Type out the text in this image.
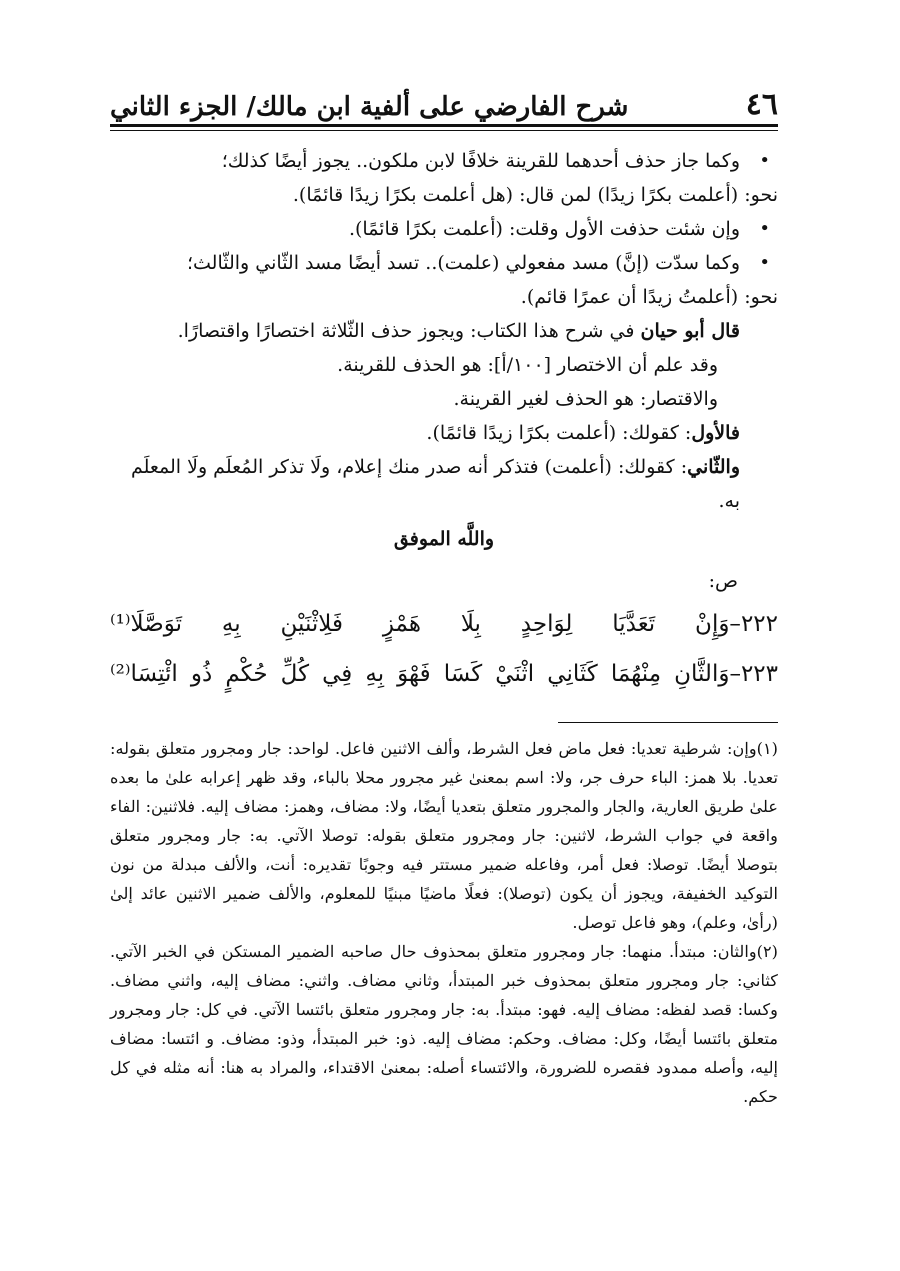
٤٦
شرح الفارضي على ألفية ابن مالك/ الجزء الثاني
• وكما جاز حذف أحدهما للقرينة خلافًا لابن ملكون.. يجوز أيضًا كذلك؛
نحو: (أعلمت بكرًا زيدًا) لمن قال: (هل أعلمت بكرًا زيدًا قائمًا).
• وإن شئت حذفت الأول وقلت: (أعلمت بكرًا قائمًا).
• وكما سدّت (إنَّ) مسد مفعولي (علمت).. تسد أيضًا مسد الثّاني والثّالث؛
نحو: (أعلمتُ زيدًا أن عمرًا قائم).
قال أبو حيان في شرح هذا الكتاب: ويجوز حذف الثّلاثة اختصارًا واقتصارًا.
وقد علم أن الاختصار [١٠٠/أ]: هو الحذف للقرينة.
والاقتصار: هو الحذف لغير القرينة.
فالأول: كقولك: (أعلمت بكرًا زيدًا قائمًا).
والثّاني: كقولك: (أعلمت) فتذكر أنه صدر منك إعلام، ولَا تذكر المُعلَم ولَا المعلَم به.
واللَّه الموفق
ص:
٢٢٢–وَإِنْ
تَعَدَّيَا
لِوَاحِدٍ
بِلَا
هَمْزٍ
فَلِاثْنَيْنِ
بِهِ
تَوَصَّلَا⁽¹⁾
٢٢٣–وَالثَّانِ
مِنْهُمَا
كَثَانِي
اثْنَيْ
كَسَا
فَهْوَ
بِهِ
فِي
كُلِّ
حُكْمٍ
ذُو
ائْتِسَا⁽²⁾

(١)وإن: شرطية تعديا: فعل ماض فعل الشرط، وألف الاثنين فاعل. لواحد: جار ومجرور متعلق بقوله: تعديا. بلا همز: الباء حرف جر، ولا: اسم بمعنىٰ غير مجرور محلا بالباء، وقد ظهر إعرابه علىٰ ما بعده علىٰ طريق العارية، والجار والمجرور متعلق بتعديا أيضًا، ولا: مضاف، وهمز: مضاف إليه. فلاثنين: الفاء واقعة في جواب الشرط، لاثنين: جار ومجرور متعلق بقوله: توصلا الآتي. به: جار ومجرور متعلق بتوصلا أيضًا. توصلا: فعل أمر، وفاعله ضمير مستتر فيه وجوبًا تقديره: أنت، والألف مبدلة من نون التوكيد الخفيفة، ويجوز أن يكون (توصلا): فعلًا ماضيًا مبنيًا للمعلوم، والألف ضمير الاثنين عائد إلىٰ (رأىٰ، وعلم)، وهو فاعل توصل.

(٢)والثان: مبتدأ. منهما: جار ومجرور متعلق بمحذوف حال صاحبه الضمير المستكن في الخبر الآتي. كثاني: جار ومجرور متعلق بمحذوف خبر المبتدأ، وثاني مضاف. واثني: مضاف إليه، واثني مضاف. وكسا: قصد لفظه: مضاف إليه. فهو: مبتدأ. به: جار ومجرور متعلق بائتسا الآتي. في كل: جار ومجرور متعلق بائتسا أيضًا، وكل: مضاف. وحكم: مضاف إليه. ذو: خبر المبتدأ، وذو: مضاف. و ائتسا: مضاف إليه، وأصله ممدود فقصره للضرورة، والائتساء أصله: بمعنىٰ الاقتداء، والمراد به هنا: أنه مثله في كل حكم.
